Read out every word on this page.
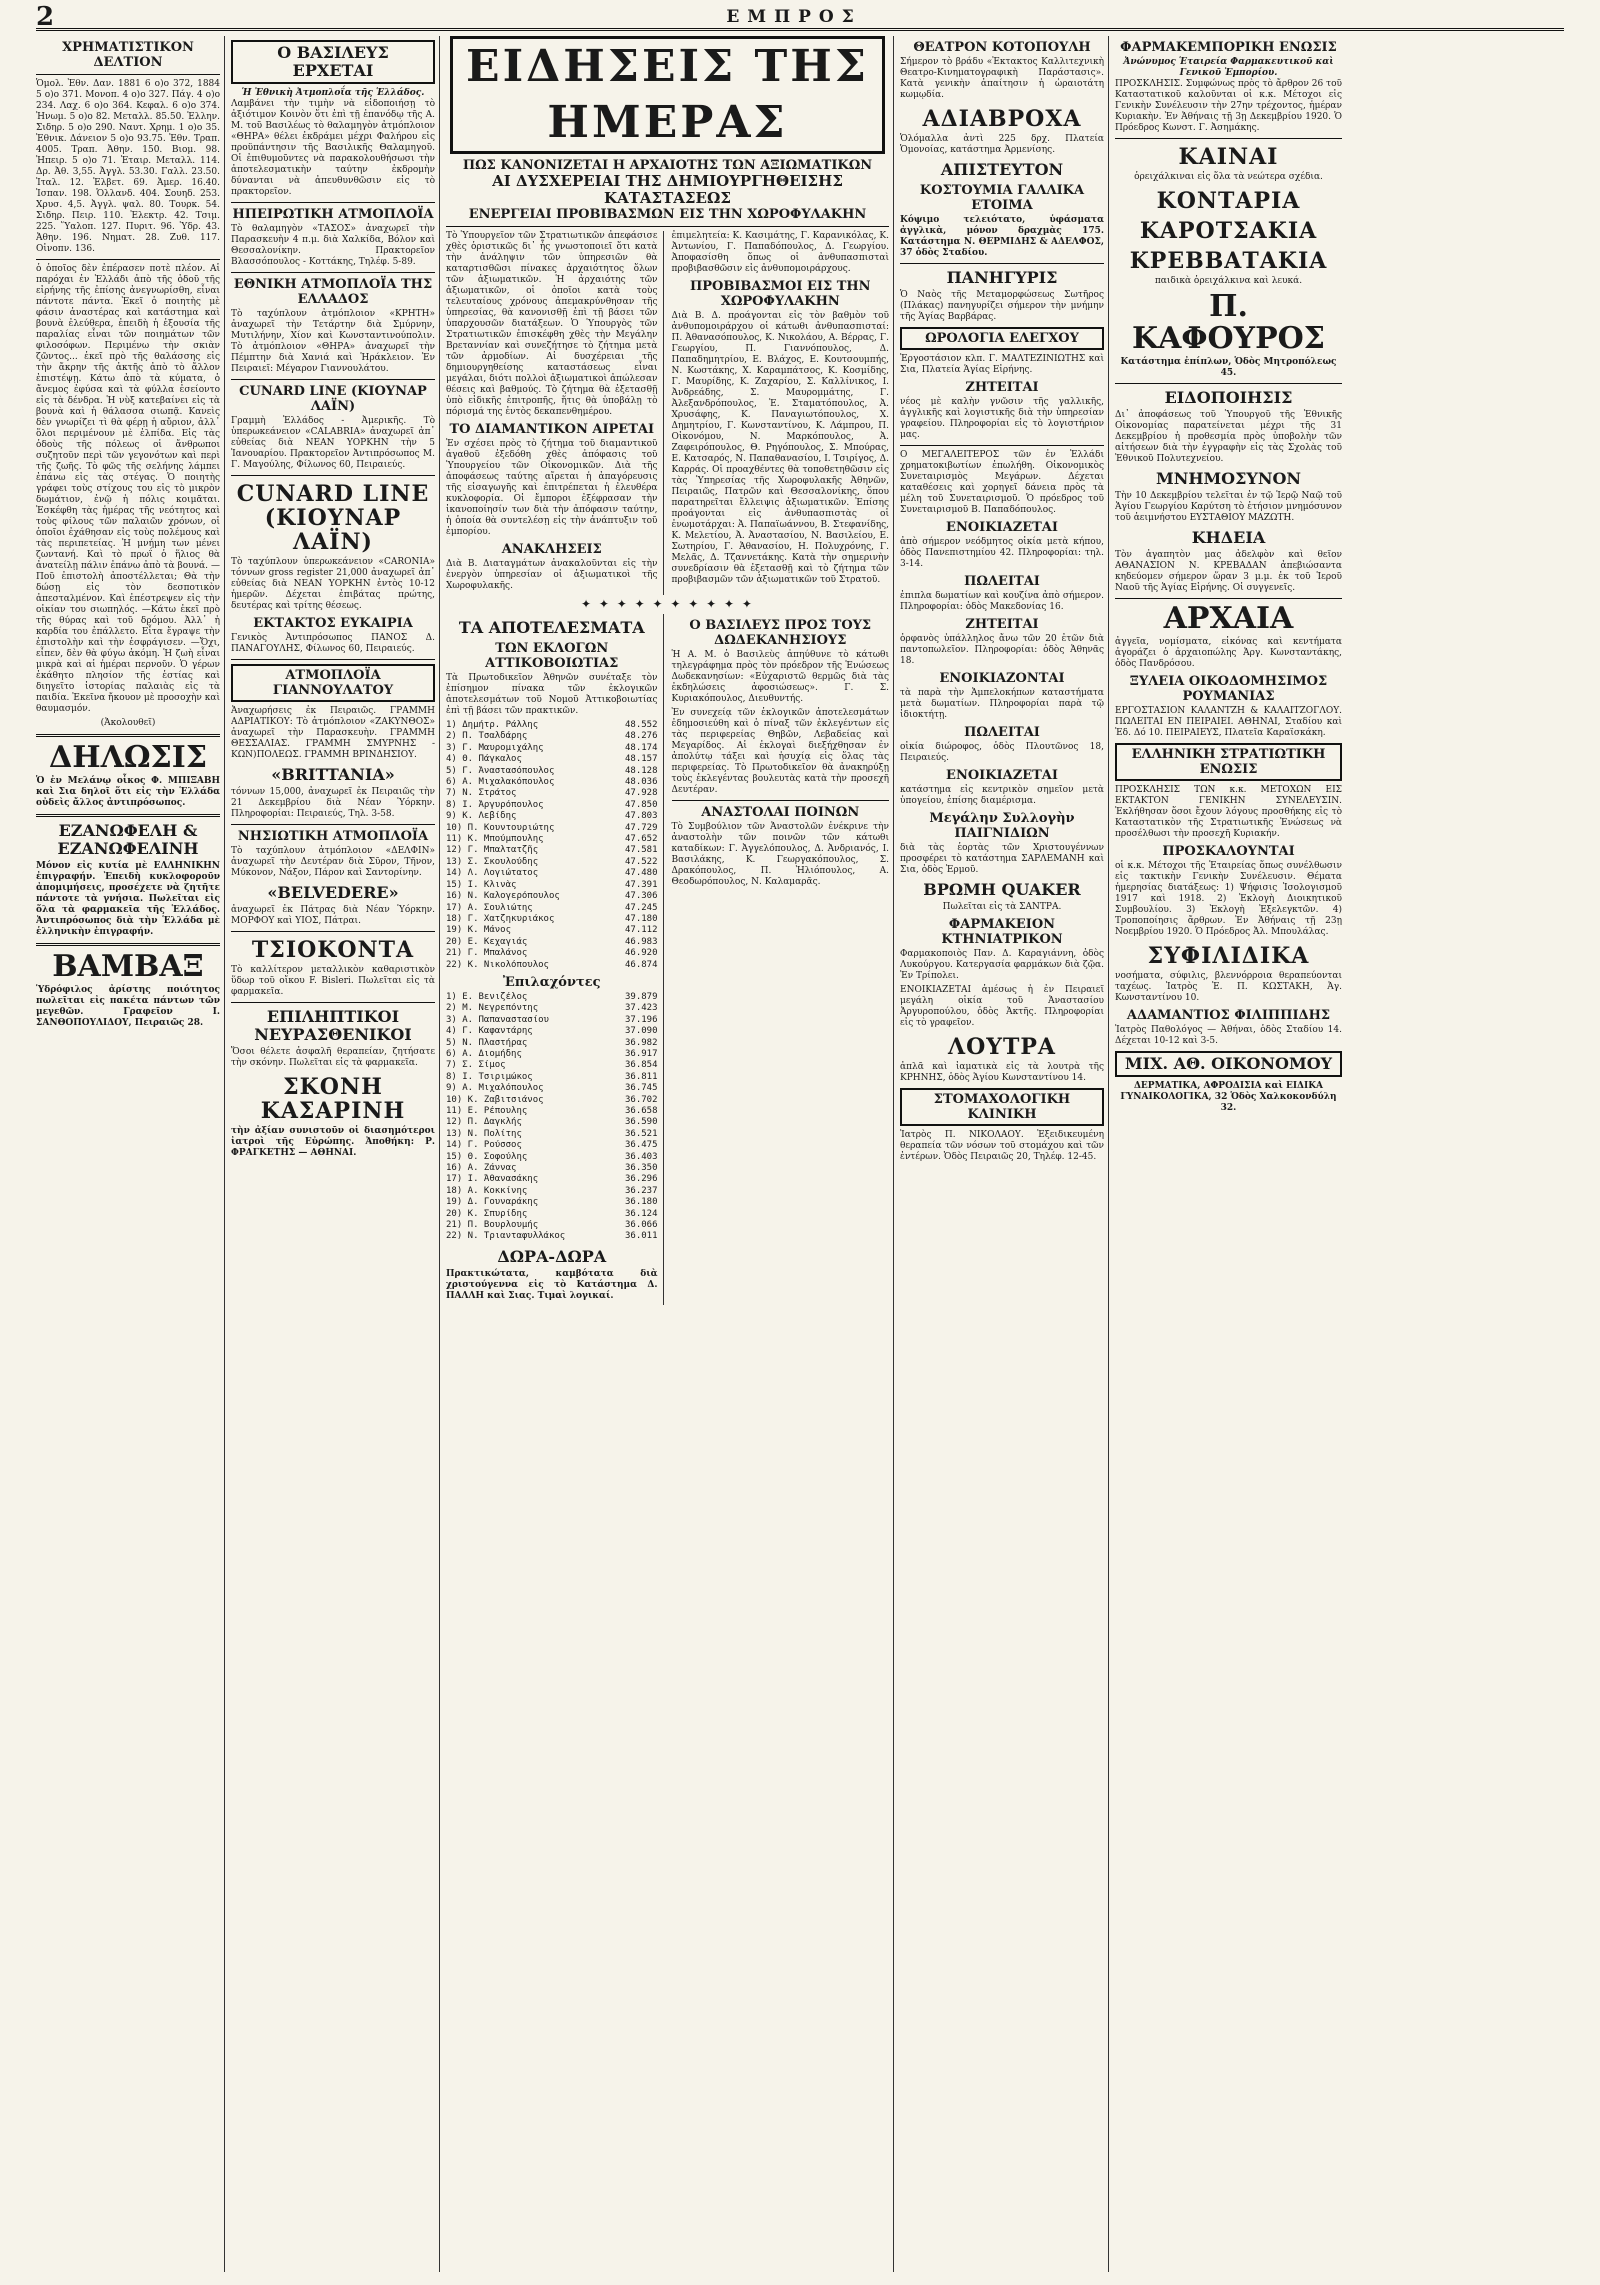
2	ΕΜΠΡΟΣ
ΧΡΗΜΑΤΙΣΤΙΚΟΝ ΔΕΛΤΙΟΝ
Ὁμολ. Ἐθν. Δαν. 1881 6 ο)ο 372, 1884 5 ο)ο 371. Μονοπ. 4 ο)ο 327. Πάγ. 4 ο)ο 234. Λαχ. 6 ο)ο 364. Κεφαλ. 6 ο)ο 374. Ἠνωμ. 5 ο)ο 82. Μεταλλ. 85.50. Ἑλλην. Σιδηρ. 5 ο)ο 290. Ναυτ. Χρημ. 1 ο)ο 35. Ἐθνικ. Δάνειον 5 ο)ο 93.75. Ἐθν. Τραπ. 4005. Τραπ. Ἀθην. 150. Βιομ. 98. Ἠπειρ. 5 ο)ο 71. Ἑταιρ. Μεταλλ. 114. Δρ. Ἀθ. 3,55. Ἀγγλ. 53.30. Γαλλ. 23.50. Ἰταλ. 12. Ἑλβετ. 69. Ἀμερ. 16.40. Ἰσπαν. 198. Ὁλλανδ. 404. Σουηδ. 253. Χρυσ. 4,5. Ἀγγλ. ψαλ. 80. Τουρκ. 54. Σιδηρ. Πειρ. 110. Ἐλεκτρ. 42. Τσιμ. 225. Ὕαλοπ. 127. Πυριτ. 96. Ὑδρ. 43. Ἀθην. 196. Νηματ. 28. Ζυθ. 117. Οἰνοπν. 136.
ὁ ὁποῖος δὲν ἐπέρασεν ποτὲ πλέον. Αἱ παρόχαι ἐν Ἑλλάδι ἀπὸ τῆς ὁδοῦ τῆς εἰρήνης τῆς ἐπίσης ἀνεγνωρίσθη, εἶναι πάντοτε πάντα. Ἐκεῖ ὁ ποιητὴς μὲ φάσιν ἀναστέρας καὶ κατάστημα καὶ βουνὰ ἐλεύθερα, ἐπειδὴ ἡ ἐξουσία τῆς παραλίας εἶναι τῶν ποιημάτων τῶν φιλοσόφων. Περιμένω τὴν σκιὰν ζῶντος... ἐκεῖ πρὸ τῆς θαλάσσης εἰς τὴν ἄκρην τῆς ἀκτῆς ἀπὸ τὸ ἄλλον ἐπιστέψῃ. Κάτω ἀπὸ τὰ κύματα, ὁ ἄνεμος ἐφύσα καὶ τὰ φύλλα ἐσείοντο εἰς τὰ δένδρα. Ἡ νὺξ κατεβαίνει εἰς τὰ βουνὰ καὶ ἡ θάλασσα σιωπᾷ. Κανεὶς δὲν γνωρίζει τὶ θὰ φέρῃ ἡ αὔριον, ἀλλ᾽ ὅλοι περιμένουν μὲ ἐλπίδα. Εἰς τὰς ὁδοὺς τῆς πόλεως οἱ ἄνθρωποι συζητοῦν περὶ τῶν γεγονότων καὶ περὶ τῆς ζωῆς. Τὸ φῶς τῆς σελήνης λάμπει ἐπάνω εἰς τὰς στέγας. Ὁ ποιητὴς γράφει τοὺς στίχους του εἰς τὸ μικρὸν δωμάτιον, ἐνῷ ἡ πόλις κοιμᾶται. Ἐσκέφθη τὰς ἡμέρας τῆς νεότητος καὶ τοὺς φίλους τῶν παλαιῶν χρόνων, οἱ ὁποῖοι ἐχάθησαν εἰς τοὺς πολέμους καὶ τὰς περιπετείας. Ἡ μνήμη των μένει ζωντανή. Καὶ τὸ πρωΐ ὁ ἥλιος θὰ ἀνατείλῃ πάλιν ἐπάνω ἀπὸ τὰ βουνά. —Ποῦ ἐπιστολὴ ἀποστέλλεται; Θὰ τὴν δώσῃ εἰς τὸν δεσποτικὸν ἀπεσταλμένον. Καὶ ἐπέστρεψεν εἰς τὴν οἰκίαν του σιωπηλός. —Κάτω ἐκεῖ πρὸ τῆς θύρας καὶ τοῦ δρόμου. Ἀλλ᾽ ἡ καρδία του ἐπάλλετο. Εἶτα ἔγραψε τὴν ἐπιστολὴν καὶ τὴν ἐσφράγισεν. —Ὄχι, εἶπεν, δὲν θὰ φύγω ἀκόμη. Ἡ ζωὴ εἶναι μικρὰ καὶ αἱ ἡμέραι περνοῦν. Ὁ γέρων ἐκάθητο πλησίον τῆς ἑστίας καὶ διηγεῖτο ἱστορίας παλαιὰς εἰς τὰ παιδία. Ἐκεῖνα ἤκουον μὲ προσοχὴν καὶ θαυμασμόν.
(Ἀκολουθεῖ)
ΔΗΛΩΣΙΣ
Ὁ ἐν Μελάνῳ οἶκος Φ. ΜΠΙΞΑΒΗ καὶ Σια δηλοῖ ὅτι εἰς τὴν Ἑλλάδα οὐδεὶς ἄλλος ἀντιπρόσωπος.
ΕΖΑΝΩΦΕΛΗ & ΕΖΑΝΩΦΕΛΙΝΗ
Μόνον εἰς κυτία μὲ ΕΛΛΗΝΙΚΗΝ ἐπιγραφήν. Ἐπειδὴ κυκλοφοροῦν ἀπομιμήσεις, προσέχετε νὰ ζητῆτε πάντοτε τὰ γνήσια. Πωλεῖται εἰς ὅλα τὰ φαρμακεῖα τῆς Ἑλλάδος. Ἀντιπρόσωπος διὰ τὴν Ἑλλάδα μὲ ἑλληνικὴν ἐπιγραφήν.
ΒΑΜΒΑΞ
Ὑδρόφιλος ἀρίστης ποιότητος πωλεῖται εἰς πακέτα πάντων τῶν μεγεθῶν. Γραφεῖον Ι. ΣΑΝΘΟΠΟΥΛΙΔΟΥ, Πειραιῶς 28.
Ο ΒΑΣΙΛΕΥΣ ΕΡΧΕΤΑΙ
Ἡ Ἐθνικὴ Ἀτμοπλοΐα τῆς Ἑλλάδος.
Λαμβάνει τὴν τιμὴν νὰ εἰδοποιήσῃ τὸ ἀξιότιμον Κοινὸν ὅτι ἐπὶ τῇ ἐπανόδῳ τῆς Α. Μ. τοῦ Βασιλέως τὸ θαλαμηγὸν ἀτμόπλοιον «ΘΗΡΑ» θέλει ἐκδράμει μέχρι Φαλήρου εἰς προϋπάντησιν τῆς Βασιλικῆς Θαλαμηγοῦ. Οἱ ἐπιθυμοῦντες νὰ παρακολουθήσωσι τὴν ἀποτελεσματικὴν ταύτην ἐκδρομὴν δύνανται νὰ ἀπευθυνθῶσιν εἰς τὸ πρακτορεῖον.
ΗΠΕΙΡΩΤΙΚΗ ΑΤΜΟΠΛΟΪΑ
Τὸ θαλαμηγὸν «ΤΑΣΟΣ» ἀναχωρεῖ τὴν Παρασκευὴν 4 π.μ. διὰ Χαλκίδα, Βόλον καὶ Θεσσαλονίκην. Πρακτορεῖον Βλασσόπουλος - Κοττάκης, Τηλέφ. 5-89.
ΕΘΝΙΚΗ ΑΤΜΟΠΛΟΪΑ ΤΗΣ ΕΛΛΑΔΟΣ
Τὸ ταχύπλουν ἀτμόπλοιον «ΚΡΗΤΗ» ἀναχωρεῖ τὴν Τετάρτην διὰ Σμύρνην, Μυτιλήνην, Χίον καὶ Κωνσταντινούπολιν. Τὸ ἀτμόπλοιον «ΘΗΡΑ» ἀναχωρεῖ τὴν Πέμπτην διὰ Χανιά καὶ Ἡράκλειον. Ἐν Πειραιεῖ: Μέγαρον Γιαννουλάτου.
CUNARD LINE (ΚΙΟΥΝΑΡ ΛΑΪΝ)
Γραμμὴ Ἑλλάδος - Ἀμερικῆς. Τὸ ὑπερωκεάνειον «CALABRIA» ἀναχωρεῖ ἀπ᾽ εὐθείας διὰ ΝΕΑΝ ΥΟΡΚΗΝ τὴν 5 Ἰανουαρίου. Πρακτορεῖον Ἀντιπρόσωπος Μ. Γ. Μαγούλης, Φίλωνος 60, Πειραιεύς.
CUNARD LINE (ΚΙΟΥΝΑΡ ΛΑΪΝ)
Τὸ ταχύπλουν ὑπερωκεάνειον «CARONIA» τόννων gross register 21,000 ἀναχωρεῖ ἀπ᾽ εὐθείας διὰ ΝΕΑΝ ΥΟΡΚΗΝ ἐντὸς 10-12 ἡμερῶν. Δέχεται ἐπιβάτας πρώτης, δευτέρας καὶ τρίτης θέσεως.
ΕΚΤΑΚΤΟΣ ΕΥΚΑΙΡΙΑ
Γενικὸς Ἀντιπρόσωπος ΠΑΝΟΣ Δ. ΠΑΝΑΓΟΥΛΗΣ, Φίλωνος 60, Πειραιεύς.
ΑΤΜΟΠΛΟΪΑ ΓΙΑΝΝΟΥΛΑΤΟΥ
Ἀναχωρήσεις ἐκ Πειραιῶς. ΓΡΑΜΜΗ ΑΔΡΙΑΤΙΚΟΥ: Τὸ ἀτμόπλοιον «ΖΑΚΥΝΘΟΣ» ἀναχωρεῖ τὴν Παρασκευὴν. ΓΡΑΜΜΗ ΘΕΣΣΑΛΙΑΣ. ΓΡΑΜΜΗ ΣΜΥΡΝΗΣ - ΚΩΝ)ΠΟΛΕΩΣ. ΓΡΑΜΜΗ ΒΡΙΝΔΗΣΙΟΥ.
«BRITTANIA»
τόννων 15,000, ἀναχωρεῖ ἐκ Πειραιῶς τὴν 21 Δεκεμβρίου διὰ Νέαν Ὑόρκην. Πληροφορίαι: Πειραιεύς, Τηλ. 3-58.
ΝΗΣΙΩΤΙΚΗ ΑΤΜΟΠΛΟΪΑ
Τὸ ταχύπλουν ἀτμόπλοιον «ΔΕΛΦΙΝ» ἀναχωρεῖ τὴν Δευτέραν διὰ Σῦρον, Τῆνον, Μύκονον, Νάξον, Πάρον καὶ Σαντορίνην.
«BELVEDERE»
ἀναχωρεῖ ἐκ Πάτρας διὰ Νέαν Ὑόρκην. ΜΟΡΦΟΥ καὶ ΥΙΟΣ, Πάτραι.
ΤΣΙΟΚΟΝΤΑ
Τὸ καλλίτερον μεταλλικὸν καθαριστικὸν ὕδωρ τοῦ οἴκου F. Bisleri. Πωλεῖται εἰς τὰ φαρμακεῖα.
ΕΠΙΛΗΠΤΙΚΟΙ ΝΕΥΡΑΣΘΕΝΙΚΟΙ
Ὅσοι θέλετε ἀσφαλῆ θεραπείαν, ζητήσατε τὴν σκόνην. Πωλεῖται εἰς τὰ φαρμακεῖα.
ΣΚΟΝΗ ΚΑΣΑΡΙΝΗ
τὴν ἀξίαν συνιστοῦν οἱ διασημότεροι ἰατροὶ τῆς Εὐρώπης. Ἀποθήκη: Ρ. ΦΡΑΓΚΕΤΗΣ — ΑΘΗΝΑΙ.
ΕΙΔΗΣΕΙΣ ΤΗΣ ΗΜΕΡΑΣ
ΠΩΣ ΚΑΝΟΝΙΖΕΤΑΙ Η ΑΡΧΑΙΟΤΗΣ ΤΩΝ ΑΞΙΩΜΑΤΙΚΩΝ
ΑΙ ΔΥΣΧΕΡΕΙΑΙ ΤΗΣ ΔΗΜΙΟΥΡΓΗΘΕΙΣΗΣ ΚΑΤΑΣΤΑΣΕΩΣ
ΕΝΕΡΓΕΙΑΙ ΠΡΟΒΙΒΑΣΜΩΝ ΕΙΣ ΤΗΝ ΧΩΡΟΦΥΛΑΚΗΝ
Τὸ Ὑπουργεῖον τῶν Στρατιωτικῶν ἀπεφάσισε χθὲς ὁριστικῶς δι᾽ ἧς γνωστοποιεῖ ὅτι κατὰ τὴν ἀνάληψιν τῶν ὑπηρεσιῶν θὰ καταρτισθῶσι πίνακες ἀρχαιότητος ὅλων τῶν ἀξιωματικῶν. Ἡ ἀρχαιότης τῶν ἀξιωματικῶν, οἱ ὁποῖοι κατὰ τοὺς τελευταίους χρόνους ἀπεμακρύνθησαν τῆς ὑπηρεσίας, θὰ κανονισθῇ ἐπὶ τῇ βάσει τῶν ὑπαρχουσῶν διατάξεων. Ὁ Ὑπουργὸς τῶν Στρατιωτικῶν ἐπισκέφθη χθὲς τὴν Μεγάλην Βρεταννίαν καὶ συνεζήτησε τὸ ζήτημα μετὰ τῶν ἁρμοδίων. Αἱ δυσχέρειαι τῆς δημιουργηθείσης καταστάσεως εἶναι μεγάλαι, διότι πολλοὶ ἀξιωματικοὶ ἀπώλεσαν θέσεις καὶ βαθμούς. Τὸ ζήτημα θὰ ἐξετασθῇ ὑπὸ εἰδικῆς ἐπιτροπῆς, ἥτις θὰ ὑποβάλῃ τὸ πόρισμά της ἐντὸς δεκαπενθημέρου.
ΤΟ ΔΙΑΜΑΝΤΙΚΟΝ ΑΙΡΕΤΑΙ
Ἐν σχέσει πρὸς τὸ ζήτημα τοῦ διαμαντικοῦ ἀγαθοῦ ἐξεδόθη χθὲς ἀπόφασις τοῦ Ὑπουργείου τῶν Οἰκονομικῶν. Διὰ τῆς ἀποφάσεως ταύτης αἴρεται ἡ ἀπαγόρευσις τῆς εἰσαγωγῆς καὶ ἐπιτρέπεται ἡ ἐλευθέρα κυκλοφορία. Οἱ ἔμποροι ἐξέφρασαν τὴν ἱκανοποίησίν των διὰ τὴν ἀπόφασιν ταύτην, ἡ ὁποία θὰ συντελέσῃ εἰς τὴν ἀνάπτυξιν τοῦ ἐμπορίου.
ΑΝΑΚΛΗΣΕΙΣ
Διὰ Β. Διαταγμάτων ἀνακαλοῦνται εἰς τὴν ἐνεργὸν ὑπηρεσίαν οἱ ἀξιωματικοὶ τῆς Χωροφυλακῆς.
ἐπιμελητεία: Κ. Κασιμάτης, Γ. Καρανικόλας, Κ. Ἀντωνίου, Γ. Παπαδόπουλος, Δ. Γεωργίου. Ἀποφασίσθη ὅπως οἱ ἀνθυπασπισταὶ προβιβασθῶσιν εἰς ἀνθυπομοιράρχους.
ΠΡΟΒΙΒΑΣΜΟΙ ΕΙΣ ΤΗΝ ΧΩΡΟΦΥΛΑΚΗΝ
Διὰ Β. Δ. προάγονται εἰς τὸν βαθμὸν τοῦ ἀνθυπομοιράρχου οἱ κάτωθι ἀνθυπασπισταί: Π. Ἀθανασόπουλος, Κ. Νικολάου, Α. Βέρρας, Γ. Γεωργίου, Π. Γιαννόπουλος, Δ. Παπαδημητρίου, Ε. Βλάχος, Ε. Κουτσουμπής, Ν. Κωστάκης, Χ. Καραμπάτσος, Κ. Κοσμίδης, Γ. Μαυρίδης, Κ. Ζαχαρίου, Σ. Καλλίνικος, Ι. Ἀνδρεάδης, Σ. Μαυρομμάτης, Γ. Ἀλεξανδρόπουλος, Ἐ. Σταματόπουλος, Ἀ. Χρυσάφης, Κ. Παναγιωτόπουλος, Χ. Δημητρίου, Γ. Κωνσταντίνου, Κ. Λάμπρου, Π. Οἰκονόμου, Ν. Μαρκόπουλος, Ἀ. Ζαφειρόπουλος, Θ. Ρηγόπουλος, Σ. Μπούρας, Ε. Κατσαρός, Ν. Παπαθανασίου, Ι. Τσιρίγος, Δ. Καρράς. Οἱ προαχθέντες θὰ τοποθετηθῶσιν εἰς τὰς Ὑπηρεσίας τῆς Χωροφυλακῆς Ἀθηνῶν, Πειραιῶς, Πατρῶν καὶ Θεσσαλονίκης, ὅπου παρατηρεῖται ἔλλειψις ἀξιωματικῶν. Ἐπίσης προάγονται εἰς ἀνθυπασπιστὰς οἱ ἐνωμοτάρχαι: Ἀ. Παπαϊωάννου, Β. Στεφανίδης, Κ. Μελετίου, Ἀ. Ἀναστασίου, Ν. Βασιλείου, Ε. Σωτηρίου, Γ. Ἀθανασίου, Η. Πολυχρόνης, Γ. Μελᾶς, Δ. Τζαννετάκης. Κατὰ τὴν σημερινὴν συνεδρίασιν θὰ ἐξετασθῇ καὶ τὸ ζήτημα τῶν προβιβασμῶν τῶν ἀξιωματικῶν τοῦ Στρατοῦ.
✦ ✦ ✦ ✦ ✦ ✦ ✦ ✦ ✦ ✦
ΤΑ ΑΠΟΤΕΛΕΣΜΑΤΑ
ΤΩΝ ΕΚΛΟΓΩΝ ΑΤΤΙΚΟΒΟΙΩΤΙΑΣ
Τὰ Πρωτοδικεῖον Ἀθηνῶν συνέταξε τὸν ἐπίσημον πίνακα τῶν ἐκλογικῶν ἀποτελεσμάτων τοῦ Νομοῦ Ἀττικοβοιωτίας ἐπὶ τῇ βάσει τῶν πρακτικῶν.
1) Δημήτρ. Ράλλης	48.552
2) Π. Τσαλδάρης	48.276
3) Γ. Μαυρομιχάλης	48.174
4) Θ. Πάγκαλος	48.157
5) Γ. Ἀναστασόπουλος	48.128
6) Α. Μιχαλακόπουλος	48.036
7) Ν. Στράτος	47.928
8) Ι. Ἀργυρόπουλος	47.850
9) Κ. Λεβίδης	47.803
10) Π. Κουντουριώτης	47.729
11) Κ. Μπούμπουλης	47.652
12) Γ. Μπαλτατζῆς	47.581
13) Σ. Σκουλούδης	47.522
14) Λ. Λογιώτατος	47.480
15) Ι. Κλινὰς	47.391
16) Ν. Καλογερόπουλος	47.306
17) Α. Σουλιώτης	47.245
18) Γ. Χατζηκυριάκος	47.180
19) Κ. Μάνος	47.112
20) Ε. Κεχαγιάς	46.983
21) Γ. Μπαλάνος	46.920
22) Κ. Νικολόπουλος	46.874
Ἐπιλαχόντες
1) Ε. Βενιζέλος	39.879
2) Μ. Νεγρεπόντης	37.423
3) Α. Παπαναστασίου	37.196
4) Γ. Καφαντάρης	37.090
5) Ν. Πλαστήρας	36.982
6) Α. Διομήδης	36.917
7) Σ. Σίμος	36.854
8) Ι. Τσιριμώκος	36.811
9) Α. Μιχαλόπουλος	36.745
10) Κ. Ζαβιτσιάνος	36.702
11) Ε. Ρέπουλης	36.658
12) Π. Δαγκλής	36.590
13) Ν. Πολίτης	36.521
14) Γ. Ρούσσος	36.475
15) Θ. Σοφούλης	36.403
16) Α. Ζάννας	36.350
17) Ι. Ἀθανασάκης	36.296
18) Α. Κοκκίνης	36.237
19) Δ. Γουναράκης	36.180
20) Κ. Σπυρίδης	36.124
21) Π. Βουρλουμής	36.066
22) Ν. Τριανταφυλλάκος	36.011
ΔΩΡΑ-ΔΩΡΑ
Πρακτικώτατα, καμβότατα διὰ χριστούγεννα εἰς τὸ Κατάστημα Δ. ΠΑΛΛΗ καὶ Σιας. Τιμαὶ λογικαί.
Ο ΒΑΣΙΛΕΥΣ ΠΡΟΣ ΤΟΥΣ ΔΩΔΕΚΑΝΗΣΙΟΥΣ
Ἡ Α. Μ. ὁ Βασιλεὺς ἀπηύθυνε τὸ κάτωθι τηλεγράφημα πρὸς τὸν πρόεδρον τῆς Ἑνώσεως Δωδεκανησίων: «Εὐχαριστῶ θερμῶς διὰ τὰς ἐκδηλώσεις ἀφοσιώσεως». Γ. Σ. Κυριακόπουλος, Διευθυντής.
Ἐν συνεχείᾳ τῶν ἐκλογικῶν ἀποτελεσμάτων ἐδημοσιεύθη καὶ ὁ πίναξ τῶν ἐκλεγέντων εἰς τὰς περιφερείας Θηβῶν, Λεβαδείας καὶ Μεγαρίδος. Αἱ ἐκλογαὶ διεξήχθησαν ἐν ἀπολύτῳ τάξει καὶ ἡσυχίᾳ εἰς ὅλας τὰς περιφερείας. Τὸ Πρωτοδικεῖον θὰ ἀνακηρύξῃ τοὺς ἐκλεγέντας βουλευτὰς κατὰ τὴν προσεχῆ Δευτέραν.
ΑΝΑΣΤΟΛΑΙ ΠΟΙΝΩΝ
Τὸ Συμβούλιον τῶν Ἀναστολῶν ἐνέκρινε τὴν ἀναστολὴν τῶν ποινῶν τῶν κάτωθι καταδίκων: Γ. Ἀγγελόπουλος, Δ. Ἀνδριανός, Ι. Βασιλάκης, Κ. Γεωργακόπουλος, Σ. Δρακόπουλος, Π. Ἠλιόπουλος, Α. Θεοδωρόπουλος, Ν. Καλαμαρᾶς.
ΘΕΑΤΡΟΝ ΚΟΤΟΠΟΥΛΗ
Σήμερον τὸ βράδυ «Ἐκτακτος Καλλιτεχνικὴ Θεατρο-Κινηματογραφικὴ Παράστασις». Κατὰ γενικὴν ἀπαίτησιν ἡ ὡραιοτάτη κωμῳδία.
ΑΔΙΑΒΡΟΧΑ
Ὁλόμαλλα ἀντὶ 225 δρχ. Πλατεία Ὁμονοίας, κατάστημα Ἀρμενίσης.
ΑΠΙΣΤΕΥΤΟΝ
ΚΟΣΤΟΥΜΙΑ ΓΑΛΛΙΚΑ ΕΤΟΙΜΑ
Κόψιμο τελειότατο, ὑφάσματα ἀγγλικὰ, μόνον δραχμὰς 175. Κατάστημα Ν. ΘΕΡΜΙΔΗΣ & ΑΔΕΛΦΟΣ, 37 ὁδὸς Σταδίου.
ΠΑΝΗΓΥΡΙΣ
Ὁ Ναὸς τῆς Μεταμορφώσεως Σωτῆρος (Πλάκας) πανηγυρίζει σήμερον τὴν μνήμην τῆς Ἁγίας Βαρβάρας.
ΩΡΟΛΟΓΙΑ ΕΛΕΓΧΟΥ
Ἐργοστάσιον κλπ. Γ. ΜΑΛΤΕΖΙΝΙΩΤΗΣ καὶ Σια, Πλατεία Ἁγίας Εἰρήνης.
ΖΗΤΕΙΤΑΙ
νέος μὲ καλὴν γνῶσιν τῆς γαλλικῆς, ἀγγλικῆς καὶ λογιστικῆς διὰ τὴν ὑπηρεσίαν γραφείου. Πληροφορίαι εἰς τὸ λογιστήριον μας.
Ο ΜΕΓΑΛΕΙΤΕΡΟΣ τῶν ἐν Ἑλλάδι χρηματοκιβωτίων ἐπωλήθη. Οἰκονομικὸς Συνεταιρισμὸς Μεγάρων. Δέχεται καταθέσεις καὶ χορηγεῖ δάνεια πρὸς τὰ μέλη τοῦ Συνεταιρισμοῦ. Ὁ πρόεδρος τοῦ Συνεταιρισμοῦ Β. Παπαδόπουλος.
ΕΝΟΙΚΙΑΖΕΤΑΙ
ἀπὸ σήμερον νεόδμητος οἰκία μετὰ κήπου, ὁδὸς Πανεπιστημίου 42. Πληροφορίαι: τηλ. 3-14.
ΠΩΛΕΙΤΑΙ
ἐπιπλα δωματίων καὶ κουζίνα ἀπὸ σήμερον. Πληροφορίαι: ὁδὸς Μακεδονίας 16.
ΖΗΤΕΙΤΑΙ
ὀρφανὸς ὑπάλληλος ἄνω τῶν 20 ἐτῶν διὰ παντοπωλεῖον. Πληροφορίαι: ὁδὸς Ἀθηνᾶς 18.
ΕΝΟΙΚΙΑΖΟΝΤΑΙ
τὰ παρὰ τὴν Ἀμπελοκήπων καταστήματα μετὰ δωματίων. Πληροφορίαι παρὰ τῷ ἰδιοκτήτῃ.
ΠΩΛΕΙΤΑΙ
οἰκία διώροφος, ὁδὸς Πλουτῶνος 18, Πειραιεύς.
ΕΝΟΙΚΙΑΖΕΤΑΙ
κατάστημα εἰς κεντρικὸν σημεῖον μετὰ ὑπογείου, ἐπίσης διαμέρισμα.
Μεγάλην Συλλογὴν ΠΑΙΓΝΙΔΙΩΝ
διὰ τὰς ἑορτὰς τῶν Χριστουγέννων προσφέρει τὸ κατάστημα ΣΑΡΛΕΜΑΝΗ καὶ Σια, ὁδὸς Ἑρμοῦ.
ΒΡΩΜΗ QUAKER
Πωλεῖται εἰς τὰ ΣΑΝΤΡΑ.
ΦΑΡΜΑΚΕΙΟΝ ΚΤΗΝΙΑΤΡΙΚΟΝ
Φαρμακοποιὸς Παν. Δ. Καραγιάννη, ὁδὸς Λυκούργου. Κατεργασία φαρμάκων διὰ ζῷα. Ἐν Τρίπολει.
ΕΝΟΙΚΙΑΖΕΤΑΙ ἀμέσως ἡ ἐν Πειραιεῖ μεγάλη οἰκία τοῦ Ἀναστασίου Ἀργυροπούλου, ὁδὸς Ἀκτῆς. Πληροφορίαι εἰς τὸ γραφεῖον.
ΛΟΥΤΡΑ
ἀπλᾶ καὶ ἰαματικὰ εἰς τὰ λουτρὰ τῆς ΚΡΗΝΗΣ, ὁδὸς Ἁγίου Κωνσταντίνου 14.
ΣΤΟΜΑΧΟΛΟΓΙΚΗ ΚΛΙΝΙΚΗ
Ἰατρὸς Π. ΝΙΚΟΛΑΟΥ. Ἐξειδικευμένη θεραπεία τῶν νόσων τοῦ στομάχου καὶ τῶν ἐντέρων. Ὁδὸς Πειραιῶς 20, Τηλέφ. 12-45.
ΦΑΡΜΑΚΕΜΠΟΡΙΚΗ ΕΝΩΣΙΣ
Ἀνώνυμος Ἑταιρεία Φαρμακευτικοῦ καὶ Γενικοῦ Ἐμπορίου.
ΠΡΟΣΚΛΗΣΙΣ. Συμφώνως πρὸς τὸ ἄρθρον 26 τοῦ Καταστατικοῦ καλοῦνται οἱ κ.κ. Μέτοχοι εἰς Γενικὴν Συνέλευσιν τὴν 27ην τρέχοντος, ἡμέραν Κυριακὴν. Ἐν Ἀθήναις τῇ 3ῃ Δεκεμβρίου 1920. Ὁ Πρόεδρος Κωνστ. Γ. Ἀσημάκης.
ΚΑΙΝΑΙ
ὁρειχάλκιναι εἰς ὅλα τὰ νεώτερα σχέδια.
ΚΟΝΤΑΡΙΑ
ΚΑΡΟΤΣΑΚΙΑ
ΚΡΕΒΒΑΤΑΚΙΑ
παιδικὰ ὁρειχάλκινα καὶ λευκά.
Π. ΚΑΦΟΥΡΟΣ
Κατάστημα ἐπίπλων, Ὁδὸς Μητροπόλεως 45.
ΕΙΔΟΠΟΙΗΣΙΣ
Δι᾽ ἀποφάσεως τοῦ Ὑπουργοῦ τῆς Ἐθνικῆς Οἰκονομίας παρατείνεται μέχρι τῆς 31 Δεκεμβρίου ἡ προθεσμία πρὸς ὑποβολὴν τῶν αἰτήσεων διὰ τὴν ἐγγραφὴν εἰς τὰς Σχολὰς τοῦ Ἐθνικοῦ Πολυτεχνείου.
ΜΝΗΜΟΣΥΝΟΝ
Τὴν 10 Δεκεμβρίου τελεῖται ἐν τῷ Ἱερῷ Ναῷ τοῦ Ἁγίου Γεωργίου Καρύτση τὸ ἐτήσιον μνημόσυνον τοῦ ἀειμνήστου ΕΥΣΤΑΘΙΟΥ ΜΑΖΩΤΗ.
ΚΗΔΕΙΑ
Τὸν ἀγαπητὸν μας ἀδελφὸν καὶ θεῖον ΑΘΑΝΑΣΙΟΝ Ν. ΚΡΕΒΑΔΑΝ ἀπεβιώσαντα κηδεύομεν σήμερον ὥραν 3 μ.μ. ἐκ τοῦ Ἱεροῦ Ναοῦ τῆς Ἁγίας Εἰρήνης. Οἱ συγγενεῖς.
ΑΡΧΑΙΑ
ἀγγεῖα, νομίσματα, εἰκόνας καὶ κεντήματα ἀγοράζει ὁ ἀρχαιοπώλης Ἀργ. Κωνσταντάκης, ὁδὸς Πανδρόσου.
ΞΥΛΕΙΑ ΟΙΚΟΔΟΜΗΣΙΜΟΣ ΡΟΥΜΑΝΙΑΣ
ΕΡΓΟΣΤΑΣΙΟΝ ΚΑΛΑΝΤΖΗ & ΚΑΛΑΙΤΖΟΓΛΟΥ. ΠΩΛΕΙΤΑΙ ΕΝ ΠΕΙΡΑΙΕΙ. ΑΘΗΝΑΙ, Σταδίου καὶ Ἐδ. Δό 10. ΠΕΙΡΑΙΕΥΣ, Πλατεῖα Καραϊσκάκη.
ΕΛΛΗΝΙΚΗ ΣΤΡΑΤΙΩΤΙΚΗ ΕΝΩΣΙΣ
ΠΡΟΣΚΛΗΣΙΣ ΤΩΝ κ.κ. ΜΕΤΟΧΩΝ ΕΙΣ ΕΚΤΑΚΤΟΝ ΓΕΝΙΚΗΝ ΣΥΝΕΛΕΥΣΙΝ. Ἐκλήθησαν ὅσοι ἔχουν λόγους προσθήκης εἰς τὸ Καταστατικὸν τῆς Στρατιωτικῆς Ἑνώσεως νὰ προσέλθωσι τὴν προσεχῆ Κυριακήν.
ΠΡΟΣΚΑΛΟΥΝΤΑΙ
οἱ κ.κ. Μέτοχοι τῆς Ἑταιρείας ὅπως συνέλθωσιν εἰς τακτικὴν Γενικὴν Συνέλευσιν. Θέματα ἡμερησίας διατάξεως: 1) Ψήφισις Ἰσολογισμοῦ 1917 καὶ 1918. 2) Ἐκλογὴ Διοικητικοῦ Συμβουλίου. 3) Ἐκλογὴ Ἐξελεγκτῶν. 4) Τροποποίησις ἄρθρων. Ἐν Ἀθήναις τῇ 23ῃ Νοεμβρίου 1920. Ὁ Πρόεδρος Ἀλ. Μπουλάλας.
ΣΥΦΙΛΙΔΙΚΑ
νοσήματα, σύφιλις, βλεννόρροια θεραπεύονται ταχέως. Ἰατρὸς Ἐ. Π. ΚΩΣΤΑΚΗ, Ἀγ. Κωνσταντίνου 10.
ΑΔΑΜΑΝΤΙΟΣ ΦΙΛΙΠΠΙΔΗΣ
Ἰατρὸς Παθολόγος — Ἀθήναι, ὁδὸς Σταδίου 14. Δέχεται 10-12 καὶ 3-5.
ΜΙΧ. ΑΘ. ΟΙΚΟΝΟΜΟΥ
ΔΕΡΜΑΤΙΚΑ, ΑΦΡΟΔΙΣΙΑ καὶ ΕΙΔΙΚΑ ΓΥΝΑΙΚΟΛΟΓΙΚΑ, 32 Ὁδὸς Χαλκοκονδύλη 32.
